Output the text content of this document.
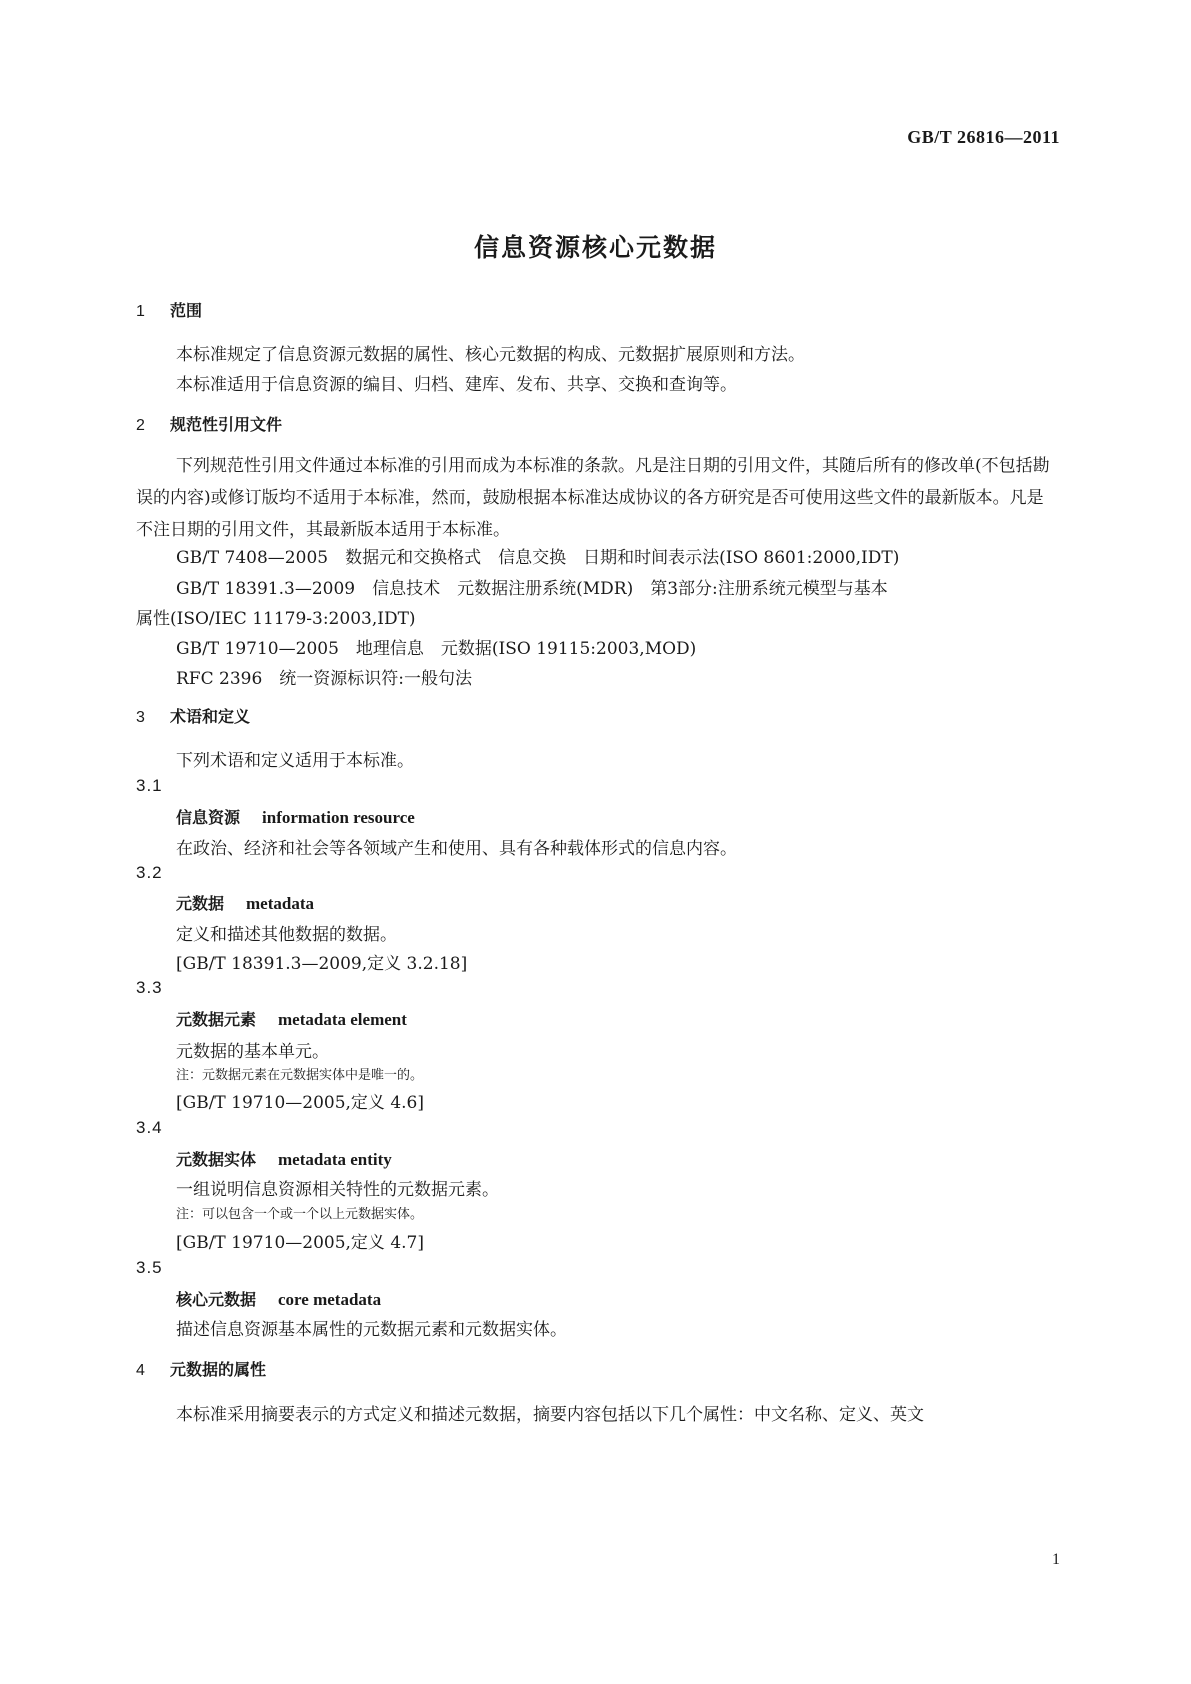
GB/T 26816—2011
信息资源核心元数据
1 范围
本标准规定了信息资源元数据的属性、核心元数据的构成、元数据扩展原则和方法。
本标准适用于信息资源的编目、归档、建库、发布、共享、交换和查询等。
2 规范性引用文件
下列规范性引用文件通过本标准的引用而成为本标准的条款。凡是注日期的引用文件，其随后所有的修改单(不包括勘误的内容)或修订版均不适用于本标准，然而，鼓励根据本标准达成协议的各方研究是否可使用这些文件的最新版本。凡是不注日期的引用文件，其最新版本适用于本标准。
GB/T 7408—2005　数据元和交换格式　信息交换　日期和时间表示法(ISO 8601:2000,IDT)
GB/T 18391.3—2009　信息技术　元数据注册系统(MDR)　第3部分:注册系统元模型与基本
属性(ISO/IEC 11179-3:2003,IDT)
GB/T 19710—2005　地理信息　元数据(ISO 19115:2003,MOD)
RFC 2396　统一资源标识符:一般句法
3 术语和定义
下列术语和定义适用于本标准。
3.1
信息资源 information resource
在政治、经济和社会等各领域产生和使用、具有各种载体形式的信息内容。
3.2
元数据 metadata
定义和描述其他数据的数据。
[GB/T 18391.3—2009,定义 3.2.18]
3.3
元数据元素 metadata element
元数据的基本单元。
注：元数据元素在元数据实体中是唯一的。
[GB/T 19710—2005,定义 4.6]
3.4
元数据实体 metadata entity
一组说明信息资源相关特性的元数据元素。
注：可以包含一个或一个以上元数据实体。
[GB/T 19710—2005,定义 4.7]
3.5
核心元数据 core metadata
描述信息资源基本属性的元数据元素和元数据实体。
4 元数据的属性
本标准采用摘要表示的方式定义和描述元数据，摘要内容包括以下几个属性：中文名称、定义、英文
1
